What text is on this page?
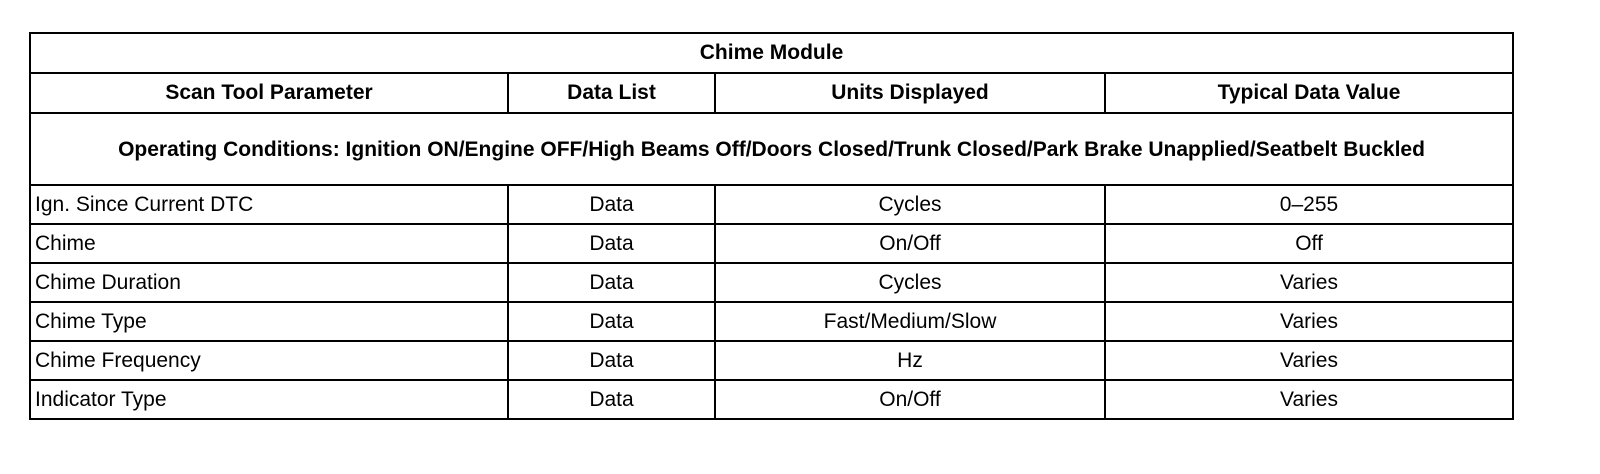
Chime Module			
Scan Tool Parameter	Data List	Units Displayed	Typical Data Value
Operating Conditions: Ignition ON/Engine OFF/High Beams Off/Doors Closed/Trunk Closed/Park Brake Unapplied/Seatbelt Buckled			
Ign. Since Current DTC	Data	Cycles	0–255
Chime	Data	On/Off	Off
Chime Duration	Data	Cycles	Varies
Chime Type	Data	Fast/Medium/Slow	Varies
Chime Frequency	Data	Hz	Varies
Indicator Type	Data	On/Off	Varies
